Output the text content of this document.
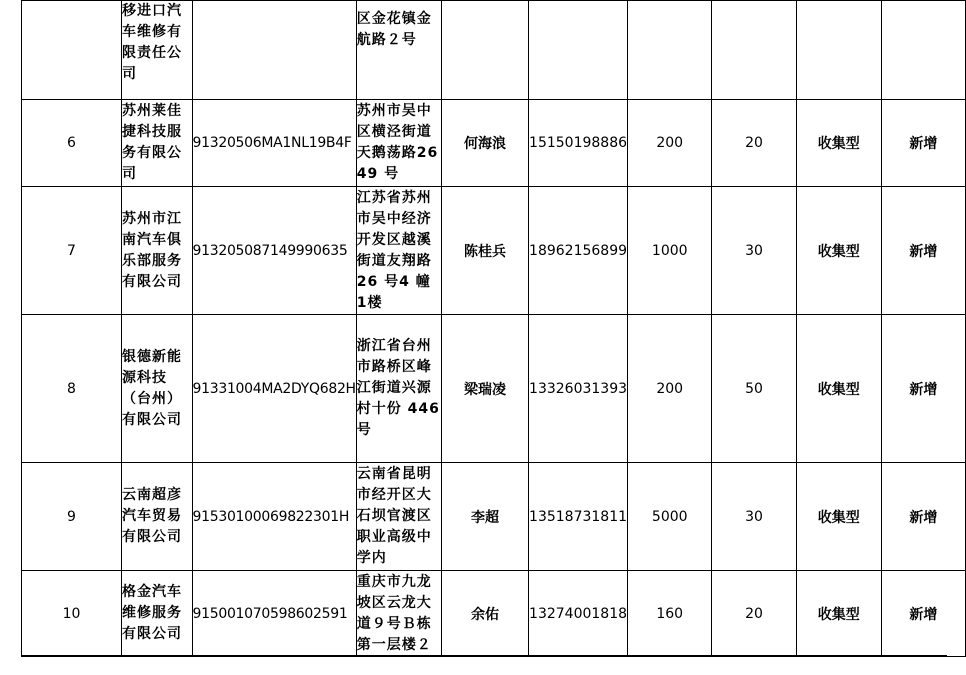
	移进口汽车维修有限责任公司		区金花镇金航路２号						
6	苏州莱佳捷科技服务有限公司	91320506MA1NL19B4F	苏州市吴中区横泾街道天鹅荡路2649 号	何海浪	15150198886	200	20	收集型	新增
7	苏州市江南汽车俱乐部服务有限公司	913205087149990635	江苏省苏州市吴中经济开发区越溪街道友翔路26 号4 幢1楼	陈桂兵	18962156899	1000	30	收集型	新增
8	银德新能源科技（台州）有限公司	91331004MA2DYQ682H	浙江省台州市路桥区峰江街道兴源村十份 446号	梁瑞凌	13326031393	200	50	收集型	新增
9	云南超彦汽车贸易有限公司	91530100069822301H	云南省昆明市经开区大石坝官渡区职业高级中学内	李超	13518731811	5000	30	收集型	新增
10	格金汽车维修服务有限公司	915001070598602591	重庆市九龙坡区云龙大道９号Ｂ栋第一层楼２	余佑	13274001818	160	20	收集型	新增
